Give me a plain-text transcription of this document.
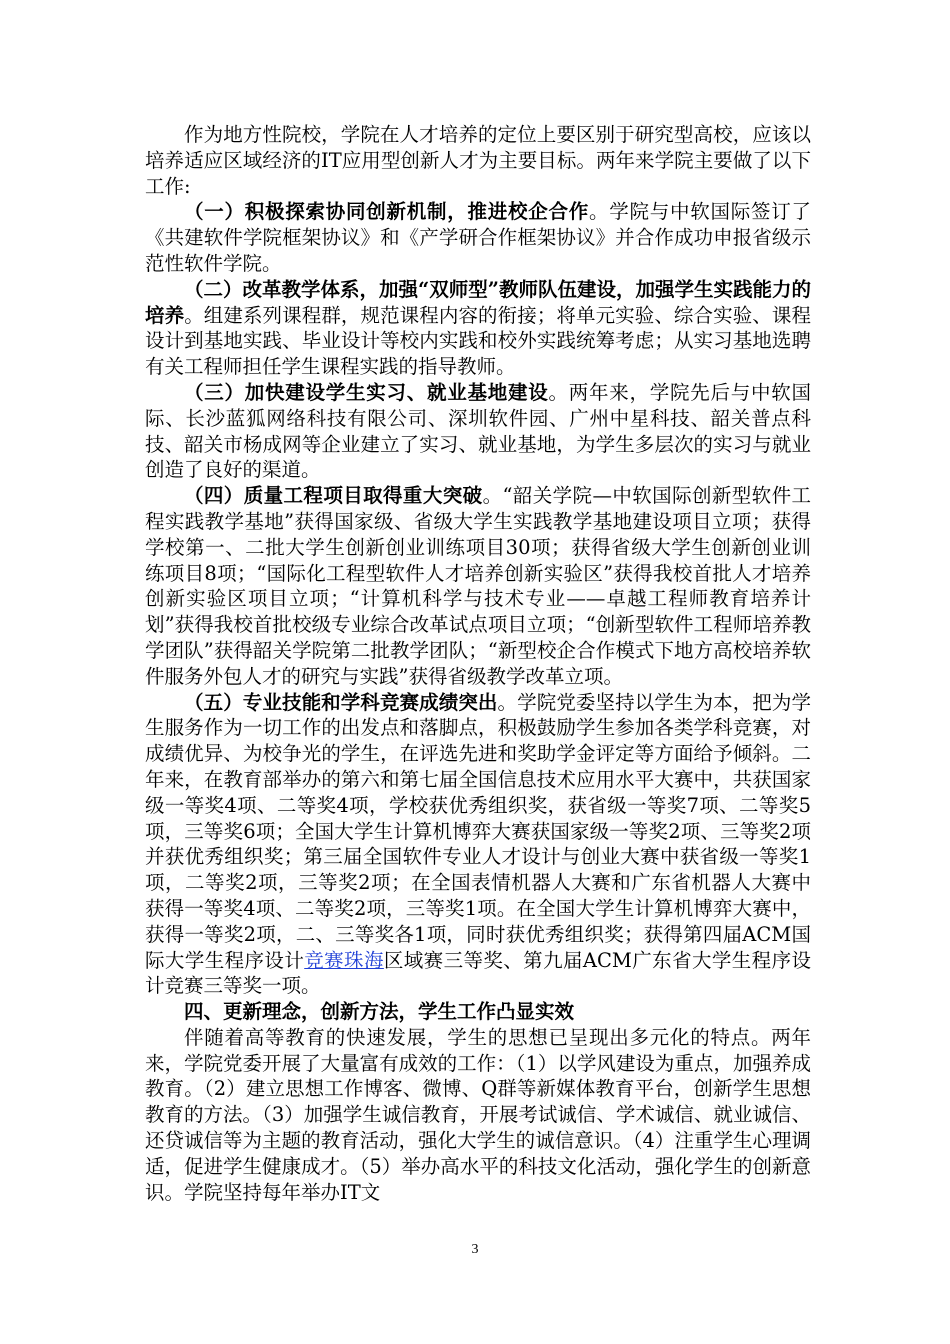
作为地方性院校，学院在人才培养的定位上要区别于研究型高校，应该以培养适应区域经济的IT应用型创新人才为主要目标。两年来学院主要做了以下工作:

（一）积极探索协同创新机制，推进校企合作。学院与中软国际签订了《共建软件学院框架协议》和《产学研合作框架协议》并合作成功申报省级示范性软件学院。

（二）改革教学体系，加强“双师型”教师队伍建设，加强学生实践能力的培养。组建系列课程群，规范课程内容的衔接；将单元实验、综合实验、课程设计到基地实践、毕业设计等校内实践和校外实践统筹考虑；从实习基地选聘有关工程师担任学生课程实践的指导教师。

（三）加快建设学生实习、就业基地建设。两年来，学院先后与中软国际、长沙蓝狐网络科技有限公司、深圳软件园、广州中星科技、韶关普点科技、韶关市杨成网等企业建立了实习、就业基地，为学生多层次的实习与就业创造了良好的渠道。

（四）质量工程项目取得重大突破。“韶关学院—中软国际创新型软件工程实践教学基地”获得国家级、省级大学生实践教学基地建设项目立项；获得学校第一、二批大学生创新创业训练项目30项；获得省级大学生创新创业训练项目8项；“国际化工程型软件人才培养创新实验区”获得我校首批人才培养创新实验区项目立项；“计算机科学与技术专业——卓越工程师教育培养计划”获得我校首批校级专业综合改革试点项目立项；“创新型软件工程师培养教学团队”获得韶关学院第二批教学团队；“新型校企合作模式下地方高校培养软件服务外包人才的研究与实践”获得省级教学改革立项。

（五）专业技能和学科竞赛成绩突出。学院党委坚持以学生为本，把为学生服务作为一切工作的出发点和落脚点，积极鼓励学生参加各类学科竞赛，对成绩优异、为校争光的学生，在评选先进和奖助学金评定等方面给予倾斜。二年来，在教育部举办的第六和第七届全国信息技术应用水平大赛中，共获国家级一等奖4项、二等奖4项，学校获优秀组织奖，获省级一等奖7项、二等奖5项，三等奖6项；全国大学生计算机博弈大赛获国家级一等奖2项、三等奖2项并获优秀组织奖；第三届全国软件专业人才设计与创业大赛中获省级一等奖1项，二等奖2项，三等奖2项；在全国表情机器人大赛和广东省机器人大赛中获得一等奖4项、二等奖2项，三等奖1项。在全国大学生计算机博弈大赛中，获得一等奖2项，二、三等奖各1项，同时获优秀组织奖；获得第四届ACM国际大学生程序设计竞赛珠海区域赛三等奖、第九届ACM广东省大学生程序设计竞赛三等奖一项。

四、更新理念，创新方法，学生工作凸显实效

伴随着高等教育的快速发展，学生的思想已呈现出多元化的特点。两年来，学院党委开展了大量富有成效的工作：（1）以学风建设为重点，加强养成教育。（2）建立思想工作博客、微博、Q群等新媒体教育平台，创新学生思想教育的方法。（3）加强学生诚信教育，开展考试诚信、学术诚信、就业诚信、还贷诚信等为主题的教育活动，强化大学生的诚信意识。（4）注重学生心理调适，促进学生健康成才。（5）举办高水平的科技文化活动，强化学生的创新意识。学院坚持每年举办IT文

3
